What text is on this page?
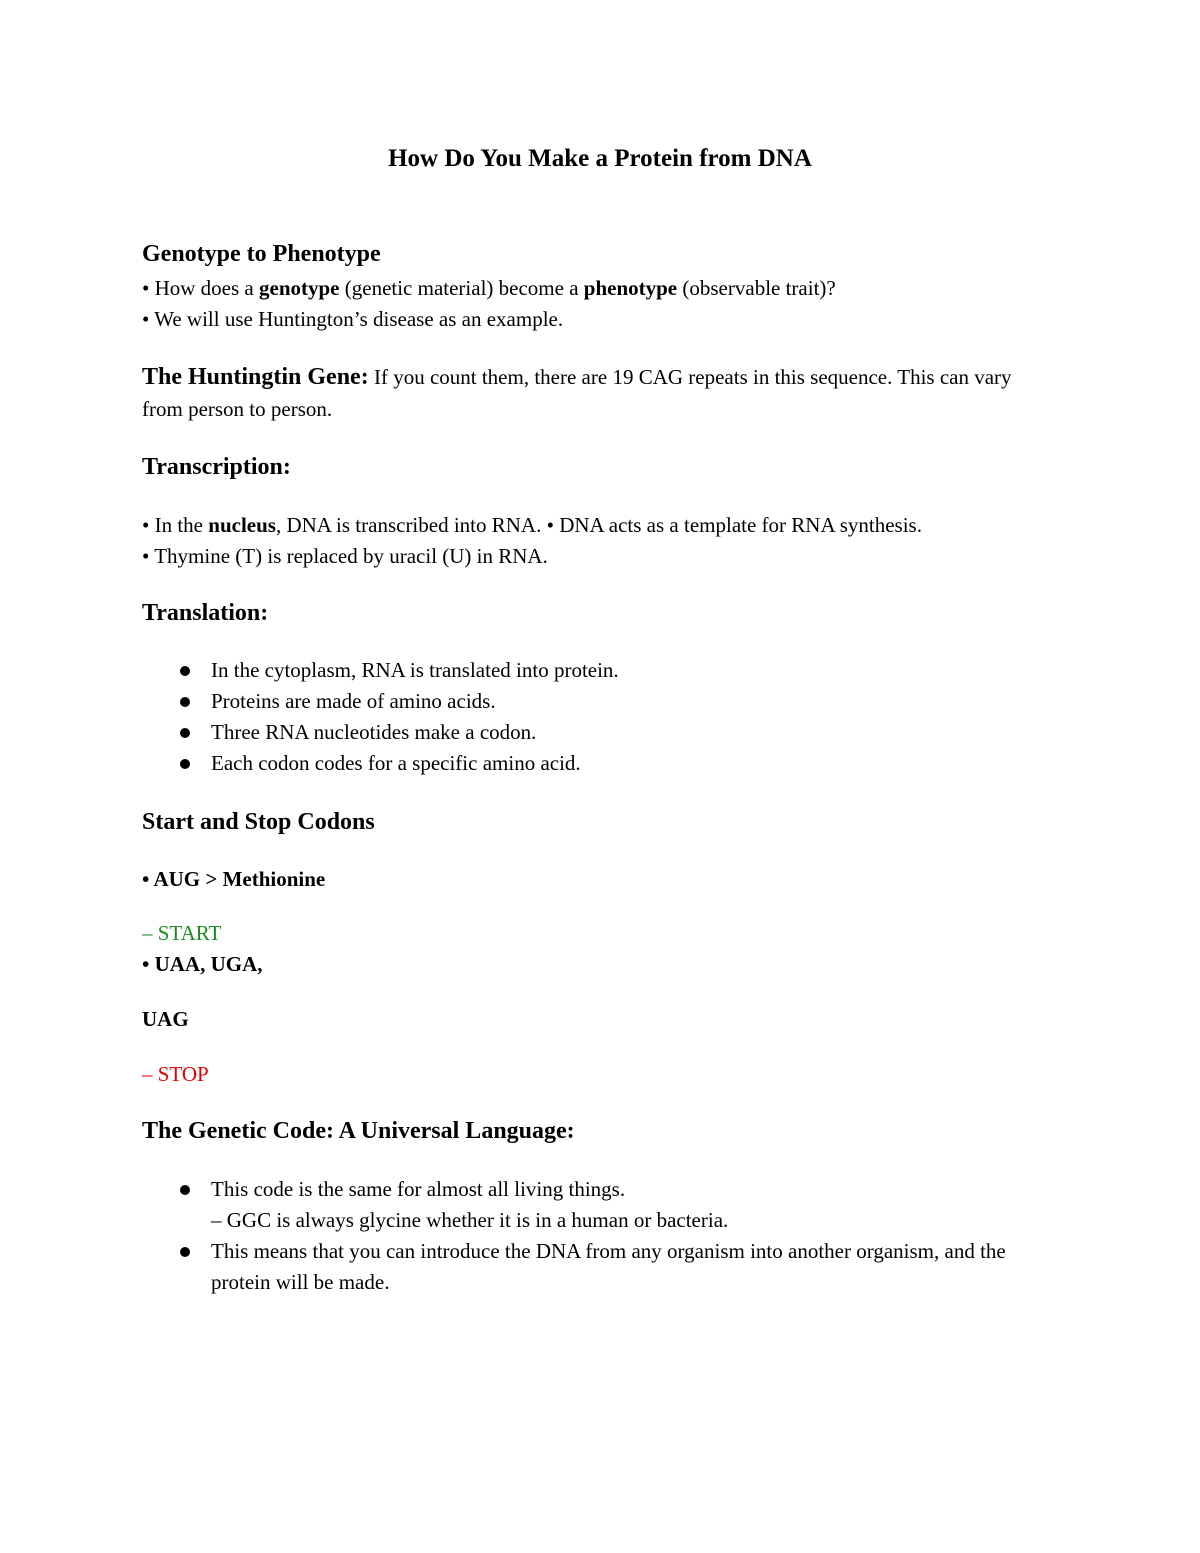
How Do You Make a Protein from DNA
Genotype to Phenotype
• How does a genotype (genetic material) become a phenotype (observable trait)?
• We will use Huntington’s disease as an example.
The Huntingtin Gene: If you count them, there are 19 CAG repeats in this sequence. This can vary from person to person.
Transcription:
• In the nucleus, DNA is transcribed into RNA. • DNA acts as a template for RNA synthesis.
• Thymine (T) is replaced by uracil (U) in RNA.
Translation:
In the cytoplasm, RNA is translated into protein.
Proteins are made of amino acids.
Three RNA nucleotides make a codon.
Each codon codes for a specific amino acid.
Start and Stop Codons
• AUG > Methionine
– START
• UAA, UGA,
UAG
– STOP
The Genetic Code: A Universal Language:
This code is the same for almost all living things.
– GGC is always glycine whether it is in a human or bacteria.
This means that you can introduce the DNA from any organism into another organism, and the protein will be made.
